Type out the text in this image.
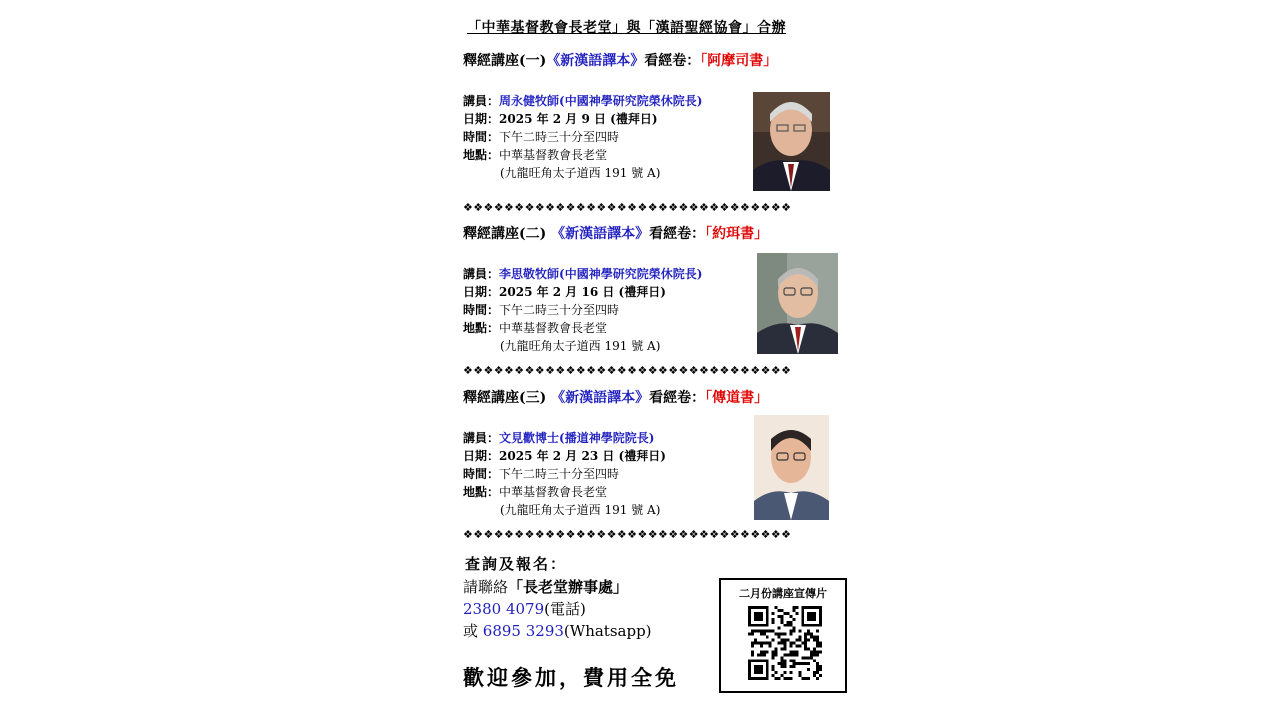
「中華基督教會長老堂」與「漢語聖經協會」合辦
釋經講座(一)《新漢語譯本》看經卷：「阿摩司書」
講員：周永健牧師(中國神學研究院榮休院長)
日期：2025 年 2 月 9 日 (禮拜日)
時間：下午二時三十分至四時
地點：中華基督教會長老堂
(九龍旺角太子道西 191 號 A)
❖❖❖❖❖❖❖❖❖❖❖❖❖❖❖❖❖❖❖❖❖❖❖❖❖❖❖❖❖❖❖❖
釋經講座(二) 《新漢語譯本》看經卷：「約珥書」
講員：李思敬牧師(中國神學研究院榮休院長)
日期：2025 年 2 月 16 日 (禮拜日)
時間：下午二時三十分至四時
地點：中華基督教會長老堂
(九龍旺角太子道西 191 號 A)
❖❖❖❖❖❖❖❖❖❖❖❖❖❖❖❖❖❖❖❖❖❖❖❖❖❖❖❖❖❖❖❖
釋經講座(三) 《新漢語譯本》看經卷：「傳道書」
講員：文見歡博士(播道神學院院長)
日期：2025 年 2 月 23 日 (禮拜日)
時間：下午二時三十分至四時
地點：中華基督教會長老堂
(九龍旺角太子道西 191 號 A)
❖❖❖❖❖❖❖❖❖❖❖❖❖❖❖❖❖❖❖❖❖❖❖❖❖❖❖❖❖❖❖❖
查詢及報名：
請聯絡「長老堂辦事處」
2380 4079(電話)
或 6895 3293(Whatsapp)
歡迎參加，費用全免
二月份講座宣傳片
